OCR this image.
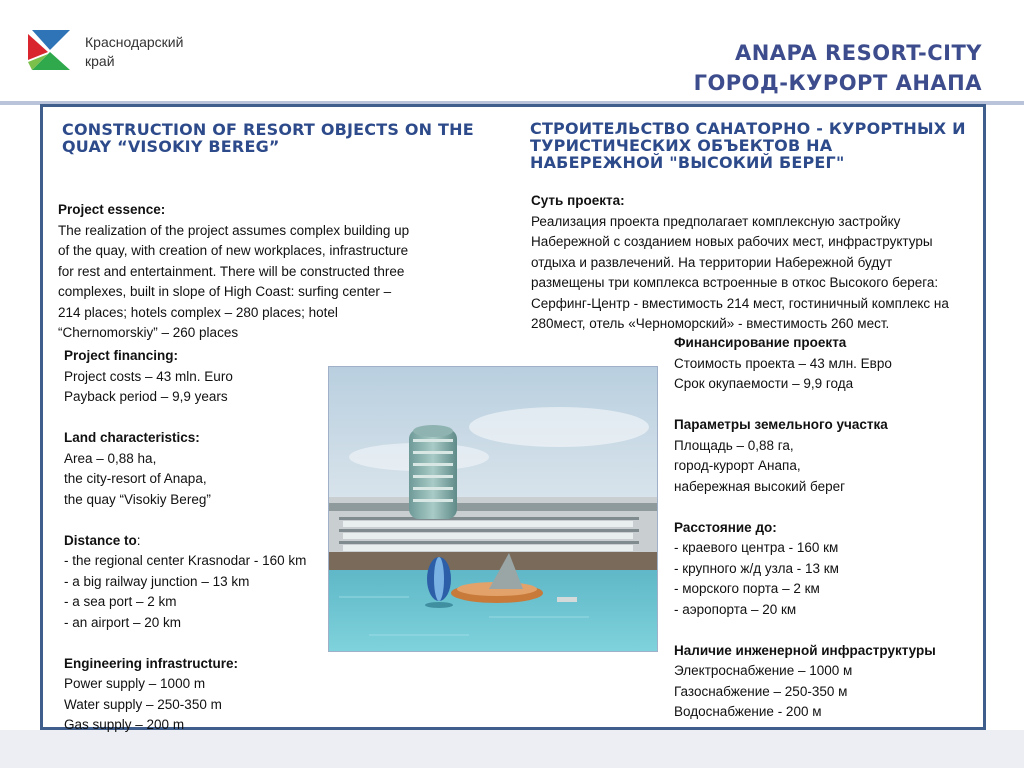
Краснодарский
край	ANAPA RESORT-CITY
ГОРОД-КУРОРТ АНАПА
CONSTRUCTION OF RESORT OBJECTS ON THE QUAY “VISOKIY BEREG”
СТРОИТЕЛЬСТВО САНАТОРНО - КУРОРТНЫХ И ТУРИСТИЧЕСКИХ ОБЪЕКТОВ НА НАБЕРЕЖНОЙ "ВЫСОКИЙ БЕРЕГ"
Project essence:
The realization of the project assumes complex building up
of the quay, with creation of new workplaces, infrastructure
for rest and entertainment. There will be constructed three
complexes, built in slope of High Coast: surfing center –
214 places; hotels complex – 280 places; hotel
“Chernomorskiy” – 260 places
Суть проекта:
Реализация проекта предполагает комплексную застройку
Набережной с созданием новых рабочих мест, инфраструктуры
отдыха и развлечений. На территории Набережной будут
размещены три комплекса встроенные в откос Высокого берега:
Серфинг-Центр - вместимость 214 мест, гостиничный комплекс на
280мест, отель «Черноморский» - вместимость 260 мест.
Project financing:
Project costs – 43 mln. Euro
Payback period – 9,9 years
Land characteristics:
Area – 0,88 ha,
the city-resort of Anapa,
the quay “Visokiy Bereg”
Distance to:
- the regional center Krasnodar - 160 km
- a big railway junction – 13 km
- a sea port – 2 km
- an airport – 20 km
Engineering infrastructure:
Power supply – 1000 m
Water supply – 250-350 m
Gas supply – 200 m
Финансирование проекта
Стоимость проекта – 43 млн. Евро
Срок окупаемости – 9,9 года
Параметры земельного участка
Площадь – 0,88 га,
город-курорт Анапа,
набережная высокий берег
Расстояние до:
- краевого центра - 160 км
- крупного ж/д узла - 13 км
- морского порта – 2 км
- аэропорта – 20 км
Наличие инженерной инфраструктуры
Электроснабжение – 1000 м
Газоснабжение – 250-350 м
Водоснабжение - 200 м
